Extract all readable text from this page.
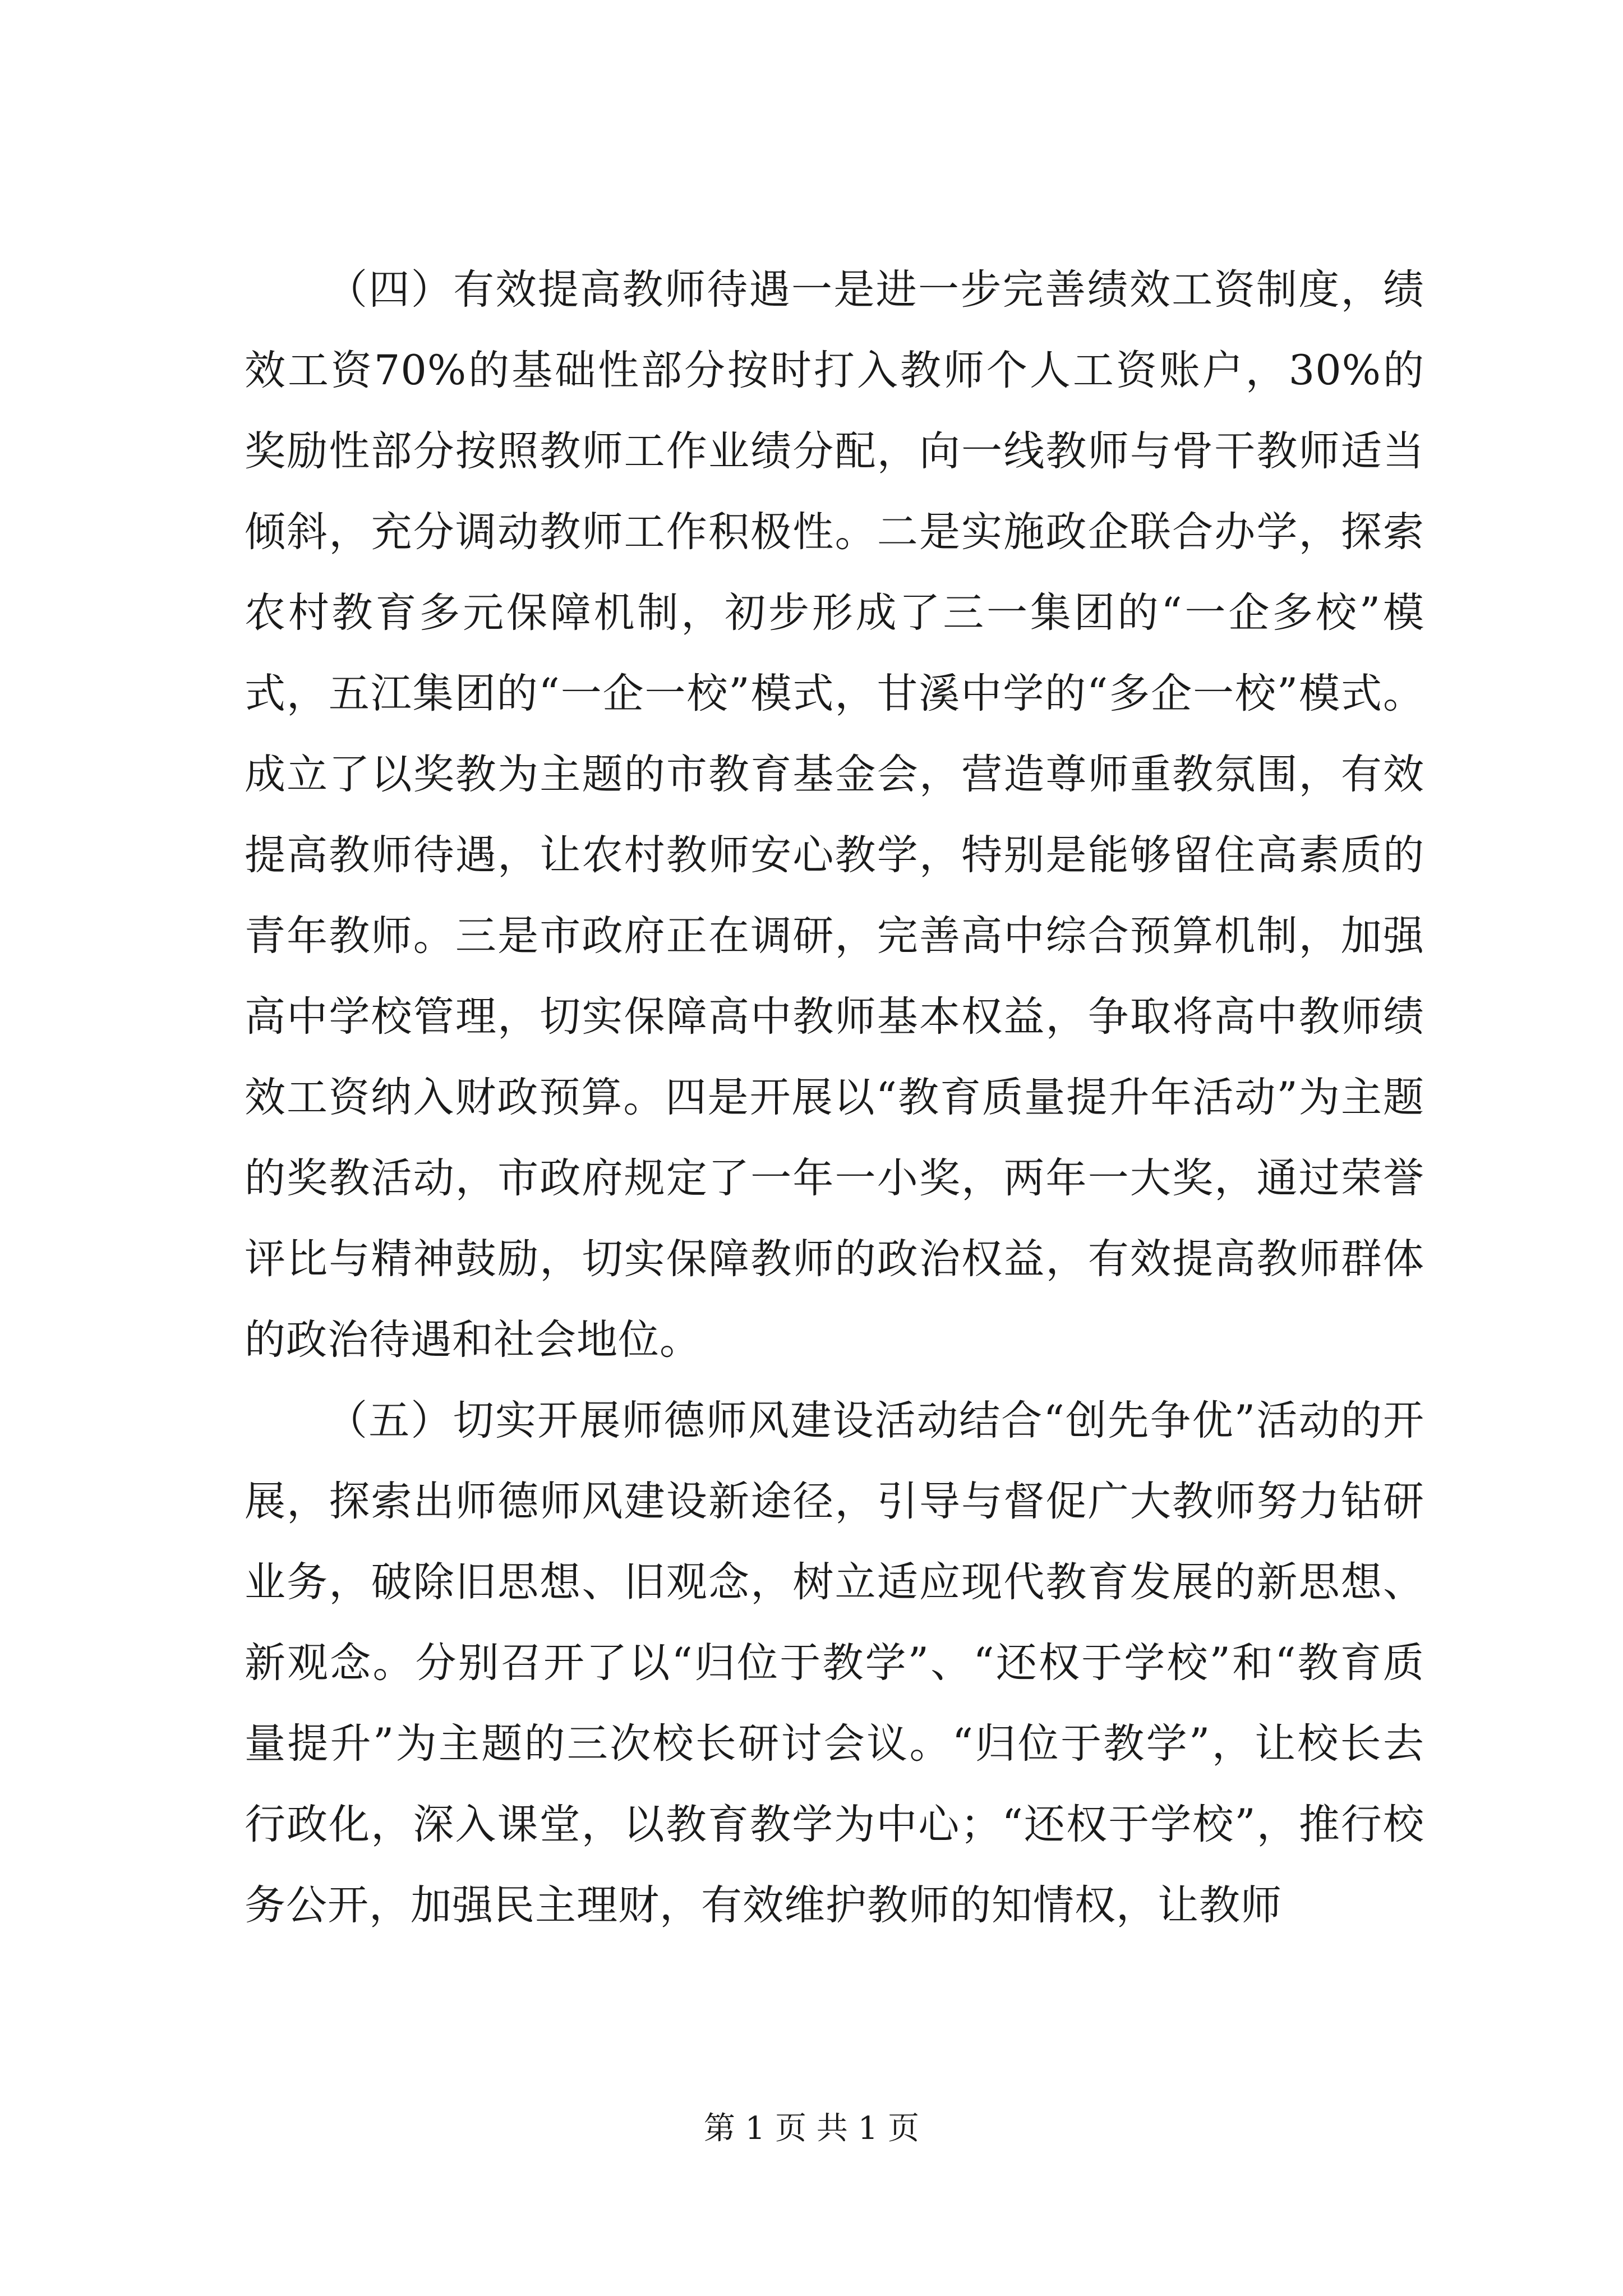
（四）有效提高教师待遇一是进一步完善绩效工资制度，绩效工资70%的基础性部分按时打入教师个人工资账户，30%的奖励性部分按照教师工作业绩分配，向一线教师与骨干教师适当倾斜，充分调动教师工作积极性。二是实施政企联合办学，探索农村教育多元保障机制，初步形成了三一集团的“一企多校”模式，五江集团的“一企一校”模式，甘溪中学的“多企一校”模式。成立了以奖教为主题的市教育基金会，营造尊师重教氛围，有效提高教师待遇，让农村教师安心教学，特别是能够留住高素质的青年教师。三是市政府正在调研，完善高中综合预算机制，加强高中学校管理，切实保障高中教师基本权益，争取将高中教师绩效工资纳入财政预算。四是开展以“教育质量提升年活动”为主题的奖教活动，市政府规定了一年一小奖，两年一大奖，通过荣誉评比与精神鼓励，切实保障教师的政治权益，有效提高教师群体的政治待遇和社会地位。

（五）切实开展师德师风建设活动结合“创先争优”活动的开展，探索出师德师风建设新途径，引导与督促广大教师努力钻研业务，破除旧思想、旧观念，树立适应现代教育发展的新思想、新观念。分别召开了以“归位于教学”、“还权于学校”和“教育质量提升”为主题的三次校长研讨会议。“归位于教学”，让校长去行政化，深入课堂，以教育教学为中心；“还权于学校”，推行校务公开，加强民主理财，有效维护教师的知情权，让教师

第 1 页 共 1 页
